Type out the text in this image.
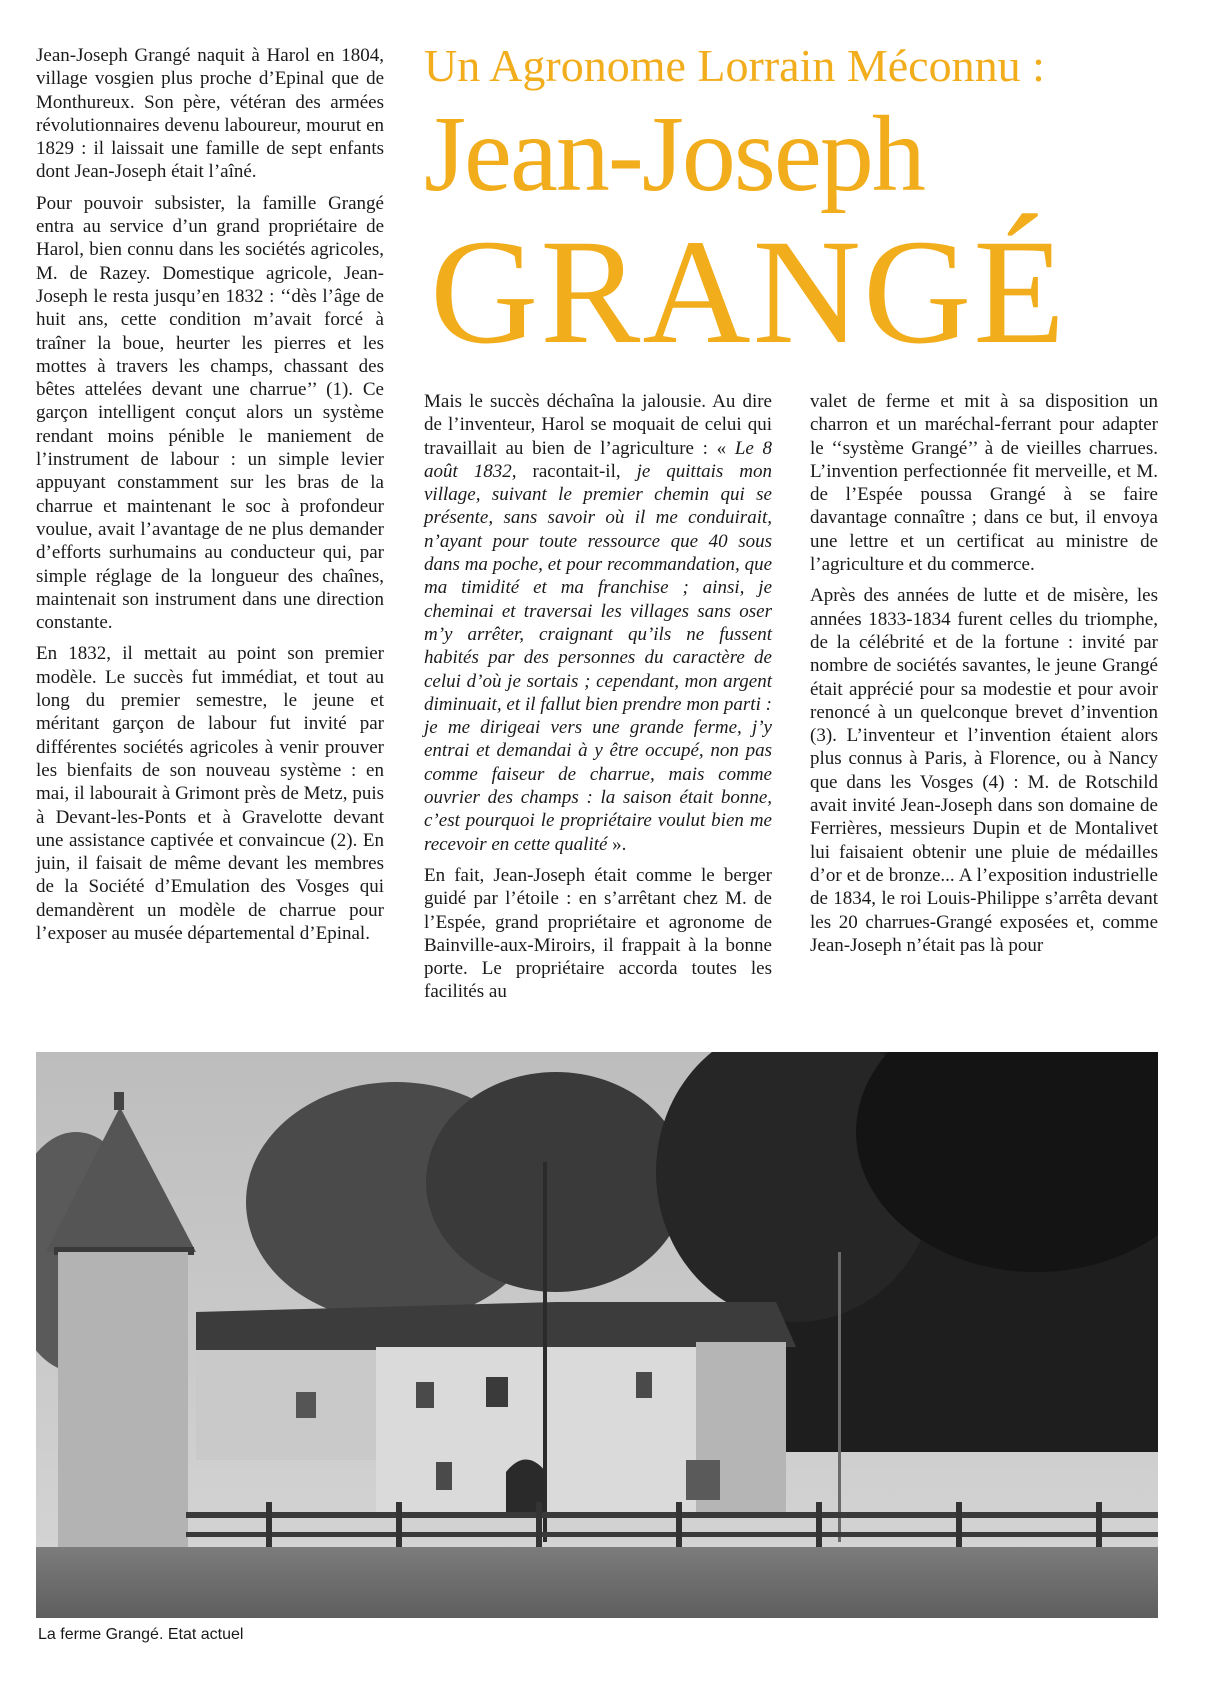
Un Agronome Lorrain Méconnu :
Jean-Joseph
GRANGÉ

Jean-Joseph Grangé naquit à Harol en 1804, village vosgien plus proche d’Epinal que de Monthureux. Son père, vétéran des armées révolutionnaires devenu laboureur, mourut en 1829 : il laissait une famille de sept enfants dont Jean-Joseph était l’aîné.

Pour pouvoir subsister, la famille Grangé entra au service d’un grand propriétaire de Harol, bien connu dans les sociétés agricoles, M. de Razey. Domestique agricole, Jean-Joseph le resta jusqu’en 1832 : ‘‘dès l’âge de huit ans, cette condition m’avait forcé à traîner la boue, heurter les pierres et les mottes à travers les champs, chassant des bêtes attelées devant une charrue’’ (1). Ce garçon intelligent conçut alors un système rendant moins pénible le maniement de l’instrument de labour : un simple levier appuyant constamment sur les bras de la charrue et maintenant le soc à profondeur voulue, avait l’avantage de ne plus demander d’efforts surhumains au conducteur qui, par simple réglage de la longueur des chaînes, maintenait son instrument dans une direction constante.

En 1832, il mettait au point son premier modèle. Le succès fut immédiat, et tout au long du premier semestre, le jeune et méritant garçon de labour fut invité par différentes sociétés agricoles à venir prouver les bienfaits de son nouveau système : en mai, il labourait à Grimont près de Metz, puis à Devant-les-Ponts et à Gravelotte devant une assistance captivée et convaincue (2). En juin, il faisait de même devant les membres de la Société d’Emulation des Vosges qui demandèrent un modèle de charrue pour l’exposer au musée départemental d’Epinal.

Mais le succès déchaîna la jalousie. Au dire de l’inventeur, Harol se moquait de celui qui travaillait au bien de l’agriculture : « Le 8 août 1832, racontait-il, je quittais mon village, suivant le premier chemin qui se présente, sans savoir où il me conduirait, n’ayant pour toute ressource que 40 sous dans ma poche, et pour recommandation, que ma timidité et ma franchise ; ainsi, je cheminai et traversai les villages sans oser m’y arrêter, craignant qu’ils ne fussent habités par des personnes du caractère de celui d’où je sortais ; cependant, mon argent diminuait, et il fallut bien prendre mon parti : je me dirigeai vers une grande ferme, j’y entrai et demandai à y être occupé, non pas comme faiseur de charrue, mais comme ouvrier des champs : la saison était bonne, c’est pourquoi le propriétaire voulut bien me recevoir en cette qualité ».

En fait, Jean-Joseph était comme le berger guidé par l’étoile : en s’arrêtant chez M. de l’Espée, grand propriétaire et agronome de Bainville-aux-Miroirs, il frappait à la bonne porte. Le propriétaire accorda toutes les facilités au

valet de ferme et mit à sa disposition un charron et un maréchal-ferrant pour adapter le ‘‘système Grangé’’ à de vieilles charrues. L’invention perfectionnée fit merveille, et M. de l’Espée poussa Grangé à se faire davantage connaître ; dans ce but, il envoya une lettre et un certificat au ministre de l’agriculture et du commerce.

Après des années de lutte et de misère, les années 1833-1834 furent celles du triomphe, de la célébrité et de la fortune : invité par nombre de sociétés savantes, le jeune Grangé était apprécié pour sa modestie et pour avoir renoncé à un quelconque brevet d’invention (3). L’inventeur et l’invention étaient alors plus connus à Paris, à Florence, ou à Nancy que dans les Vosges (4) : M. de Rotschild avait invité Jean-Joseph dans son domaine de Ferrières, messieurs Dupin et de Montalivet lui faisaient obtenir une pluie de médailles d’or et de bronze... A l’exposition industrielle de 1834, le roi Louis-Philippe s’arrêta devant les 20 charrues-Grangé exposées et, comme Jean-Joseph n’était pas là pour

La ferme Grangé. Etat actuel
